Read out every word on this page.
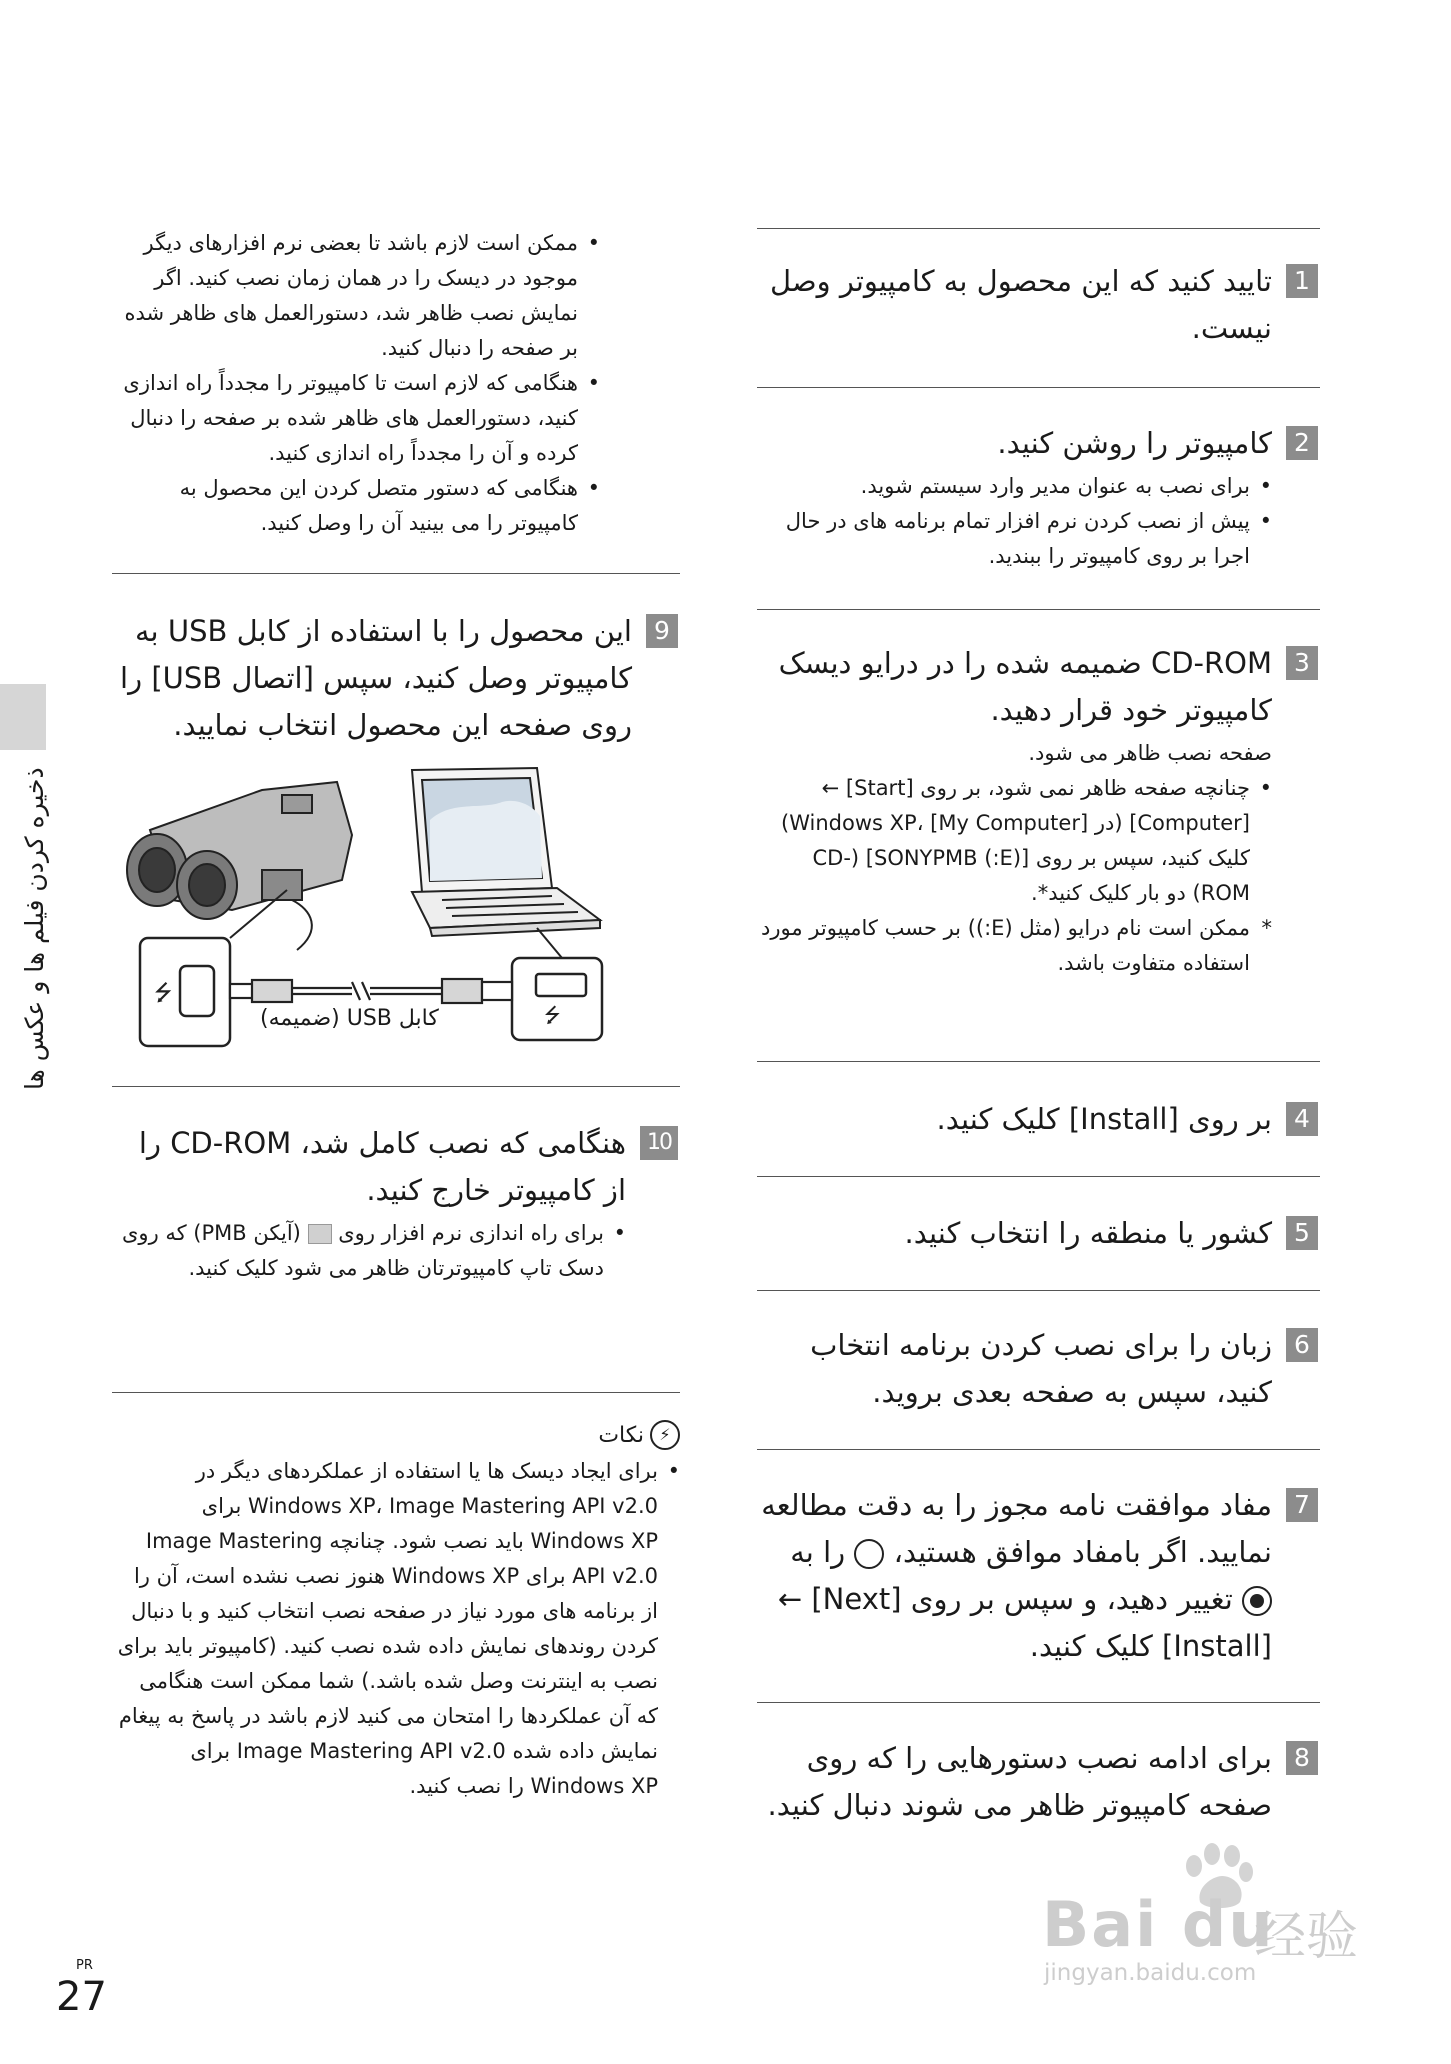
ذخیره کردن فیلم ها و عکس ها
1
تایید کنید که این محصول به کامپیوتر وصل نیست.
2
کامپیوتر را روشن کنید.
• برای نصب به عنوان مدیر وارد سیستم شوید.
• پیش از نصب کردن نرم افزار تمام برنامه های در حال اجرا بر روی کامپیوتر را ببندید.
3
CD-ROM ضمیمه شده را در درایو دیسک کامپیوتر خود قرار دهید.
صفحه نصب ظاهر می شود.
• چنانچه صفحه ظاهر نمی شود، بر روی [Start] ← [Computer] (در Windows XP، [My Computer]) کلیک کنید، سپس بر روی [(E:) SONYPMB] (CD-ROM) دو بار کلیک کنید*.
* ممکن است نام درایو (مثل (E:)) بر حسب کامپیوتر مورد استفاده متفاوت باشد.
4
بر روی [Install] کلیک کنید.
5
کشور یا منطقه را انتخاب کنید.
6
زبان را برای نصب کردن برنامه انتخاب کنید، سپس به صفحه بعدی بروید.
7
مفاد موافقت نامه مجوز را به دقت مطالعه نمایید. اگر بامفاد موافق هستید،  را به  تغییر دهید، و سپس بر روی [Next] ← [Install] کلیک کنید.
8
برای ادامه نصب دستورهایی را که روی صفحه کامپیوتر ظاهر می شوند دنبال کنید.
• ممکن است لازم باشد تا بعضی نرم افزارهای دیگر موجود در دیسک را در همان زمان نصب کنید. اگر نمایش نصب ظاهر شد، دستورالعمل های ظاهر شده بر صفحه را دنبال کنید.
• هنگامی که لازم است تا کامپیوتر را مجدداً راه اندازی کنید، دستورالعمل های ظاهر شده بر صفحه را دنبال کرده و آن را مجدداً راه اندازی کنید.
• هنگامی که دستور متصل کردن این محصول به کامپیوتر را می بینید آن را وصل کنید.
9
این محصول را با استفاده از کابل USB به کامپیوتر وصل کنید، سپس [اتصال USB] را روی صفحه این محصول انتخاب نمایید.
⭍
⭍
کابل USB (ضمیمه)
10
هنگامی که نصب کامل شد، CD-ROM را از کامپیوتر خارج کنید.
• برای راه اندازی نرم افزار روی  (آیکن PMB) که روی دسک تاپ کامپیوترتان ظاهر می شود کلیک کنید.
⚡
نکات
• برای ایجاد دیسک ها یا استفاده از عملکردهای دیگر در Windows XP، Image Mastering API v2.0 برای Windows XP باید نصب شود. چنانچه Image Mastering API v2.0 برای Windows XP هنوز نصب نشده است، آن را از برنامه های مورد نیاز در صفحه نصب انتخاب کنید و با دنبال کردن روندهای نمایش داده شده نصب کنید. (کامپیوتر باید برای نصب به اینترنت وصل شده باشد.) شما ممکن است هنگامی که آن عملکردها را امتحان می کنید لازم باشد در پاسخ به پیغام نمایش داده شده Image Mastering API v2.0 برای Windows XP را نصب کنید.
PR
27
Bai du
经验
jingyan.baidu.com
